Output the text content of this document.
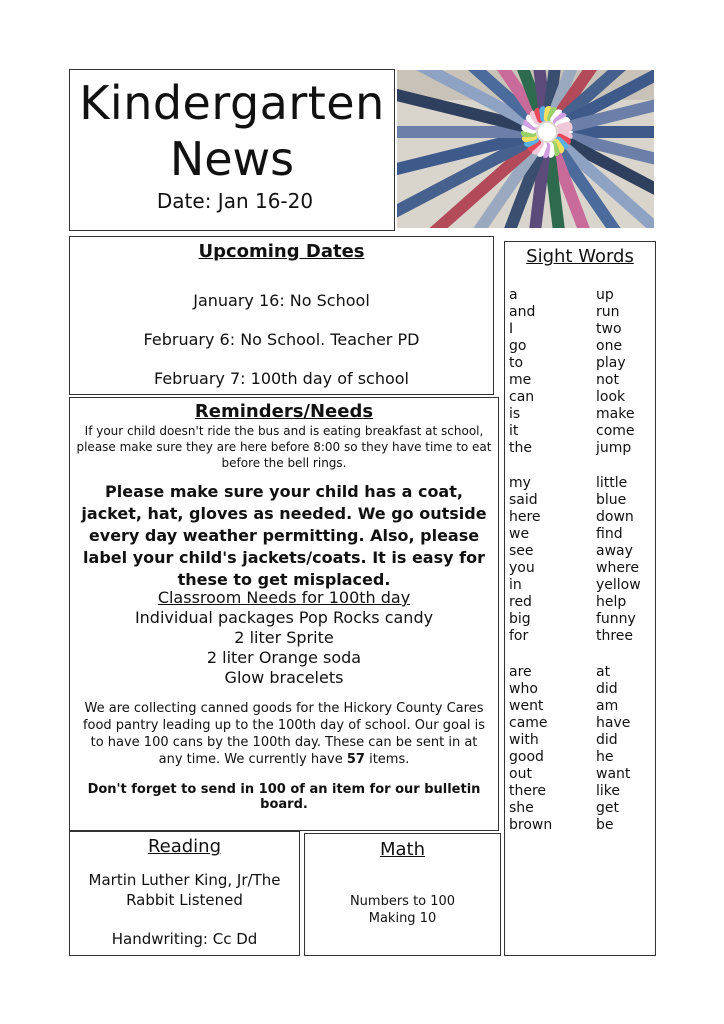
Kindergarten
News
Date: Jan 16-20
Upcoming Dates
January 16: No School
February 6: No School. Teacher PD
February 7: 100th day of school
Reminders/Needs
If your child doesn't ride the bus and is eating breakfast at school, please make sure they are here before 8:00 so they have time to eat before the bell rings.
Please make sure your child has a coat, jacket, hat, gloves as needed. We go outside every day weather permitting. Also, please label your child's jackets/coats. It is easy for these to get misplaced.
Classroom Needs for 100th day
Individual packages Pop Rocks candy
2 liter Sprite
2 liter Orange soda
Glow bracelets
We are collecting canned goods for the Hickory County Cares food pantry leading up to the 100th day of school. Our goal is to have 100 cans by the 100th day. These can be sent in at any time. We currently have 57 items.
Don't forget to send in 100 of an item for our bulletin board.
Reading
Martin Luther King, Jr/The Rabbit Listened
Handwriting: Cc Dd
Math
Numbers to 100
Making 10
Sight Words
a
and
I
go
to
me
can
is
it
the
up
run
two
one
play
not
look
make
come
jump
my
said
here
we
see
you
in
red
big
for
little
blue
down
find
away
where
yellow
help
funny
three
are
who
went
came
with
good
out
there
she
brown
at
did
am
have
did
he
want
like
get
be
